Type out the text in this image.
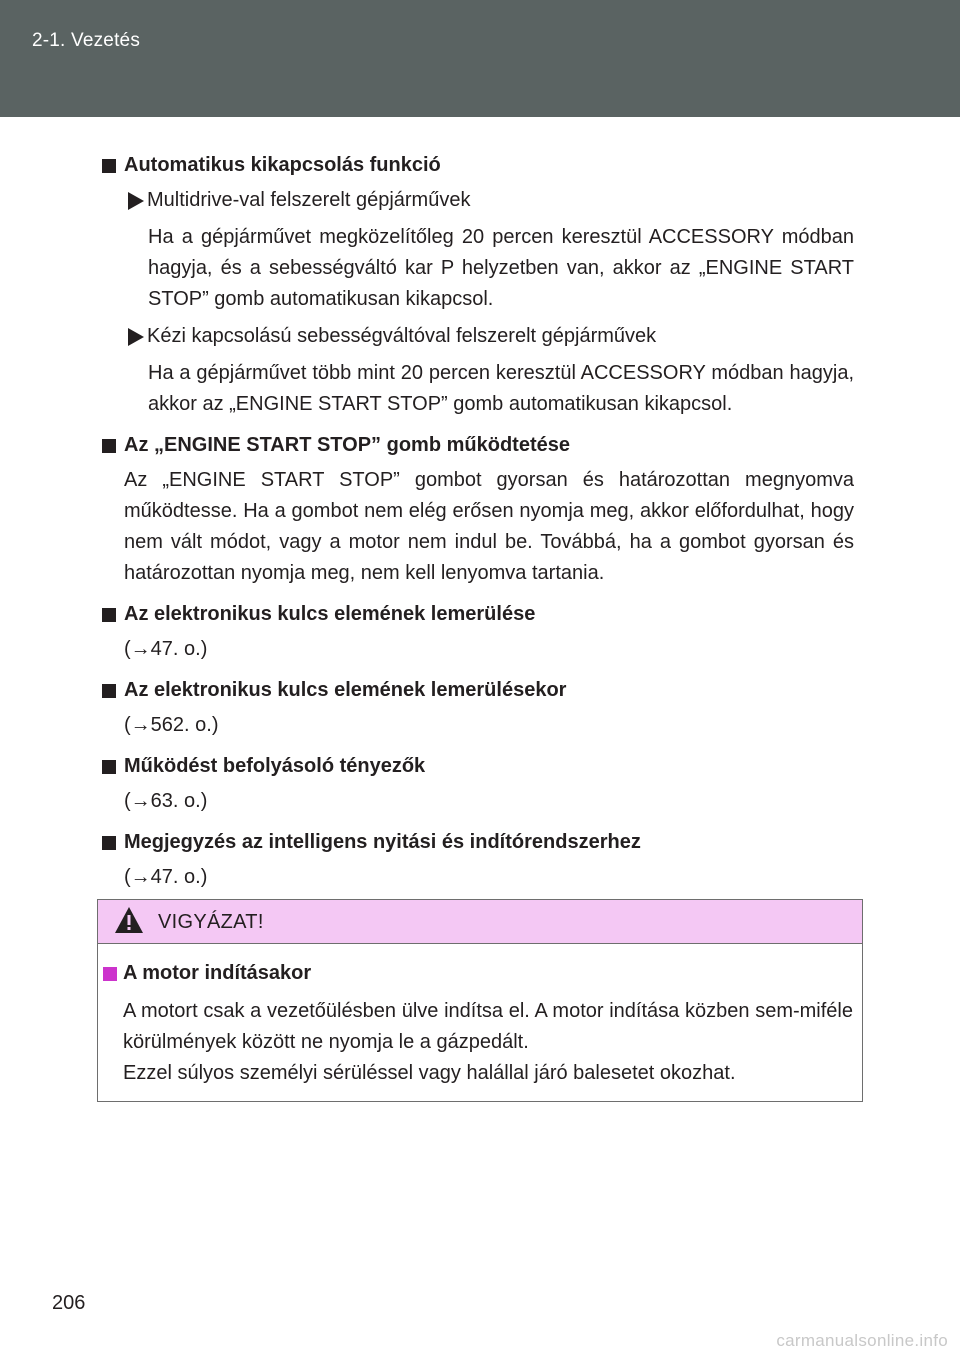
2-1. Vezetés
Automatikus kikapcsolás funkció
Multidrive-val felszerelt gépjárművek
Ha a gépjárművet megközelítőleg 20 percen keresztül ACCESSORY módban hagyja, és a sebességváltó kar P helyzetben van, akkor az „ENGINE START STOP” gomb automatikusan kikapcsol.
Kézi kapcsolású sebességváltóval felszerelt gépjárművek
Ha a gépjárművet több mint 20 percen keresztül ACCESSORY módban hagyja, akkor az „ENGINE START STOP” gomb automatikusan kikapcsol.
Az „ENGINE START STOP” gomb működtetése
Az „ENGINE START STOP” gombot gyorsan és határozottan megnyomva működtesse. Ha a gombot nem elég erősen nyomja meg, akkor előfordulhat, hogy nem vált módot, vagy a motor nem indul be. Továbbá, ha a gombot gyorsan és határozottan nyomja meg, nem kell lenyomva tartania.
Az elektronikus kulcs elemének lemerülése
(→47. o.)
Az elektronikus kulcs elemének lemerülésekor
(→562. o.)
Működést befolyásoló tényezők
(→63. o.)
Megjegyzés az intelligens nyitási és indítórendszerhez
(→47. o.)
VIGYÁZAT!
A motor indításakor
A motort csak a vezetőülésben ülve indítsa el. A motor indítása közben sem-miféle körülmények között ne nyomja le a gázpedált.
Ezzel súlyos személyi sérüléssel vagy halállal járó balesetet okozhat.
206
carmanualsonline.info
